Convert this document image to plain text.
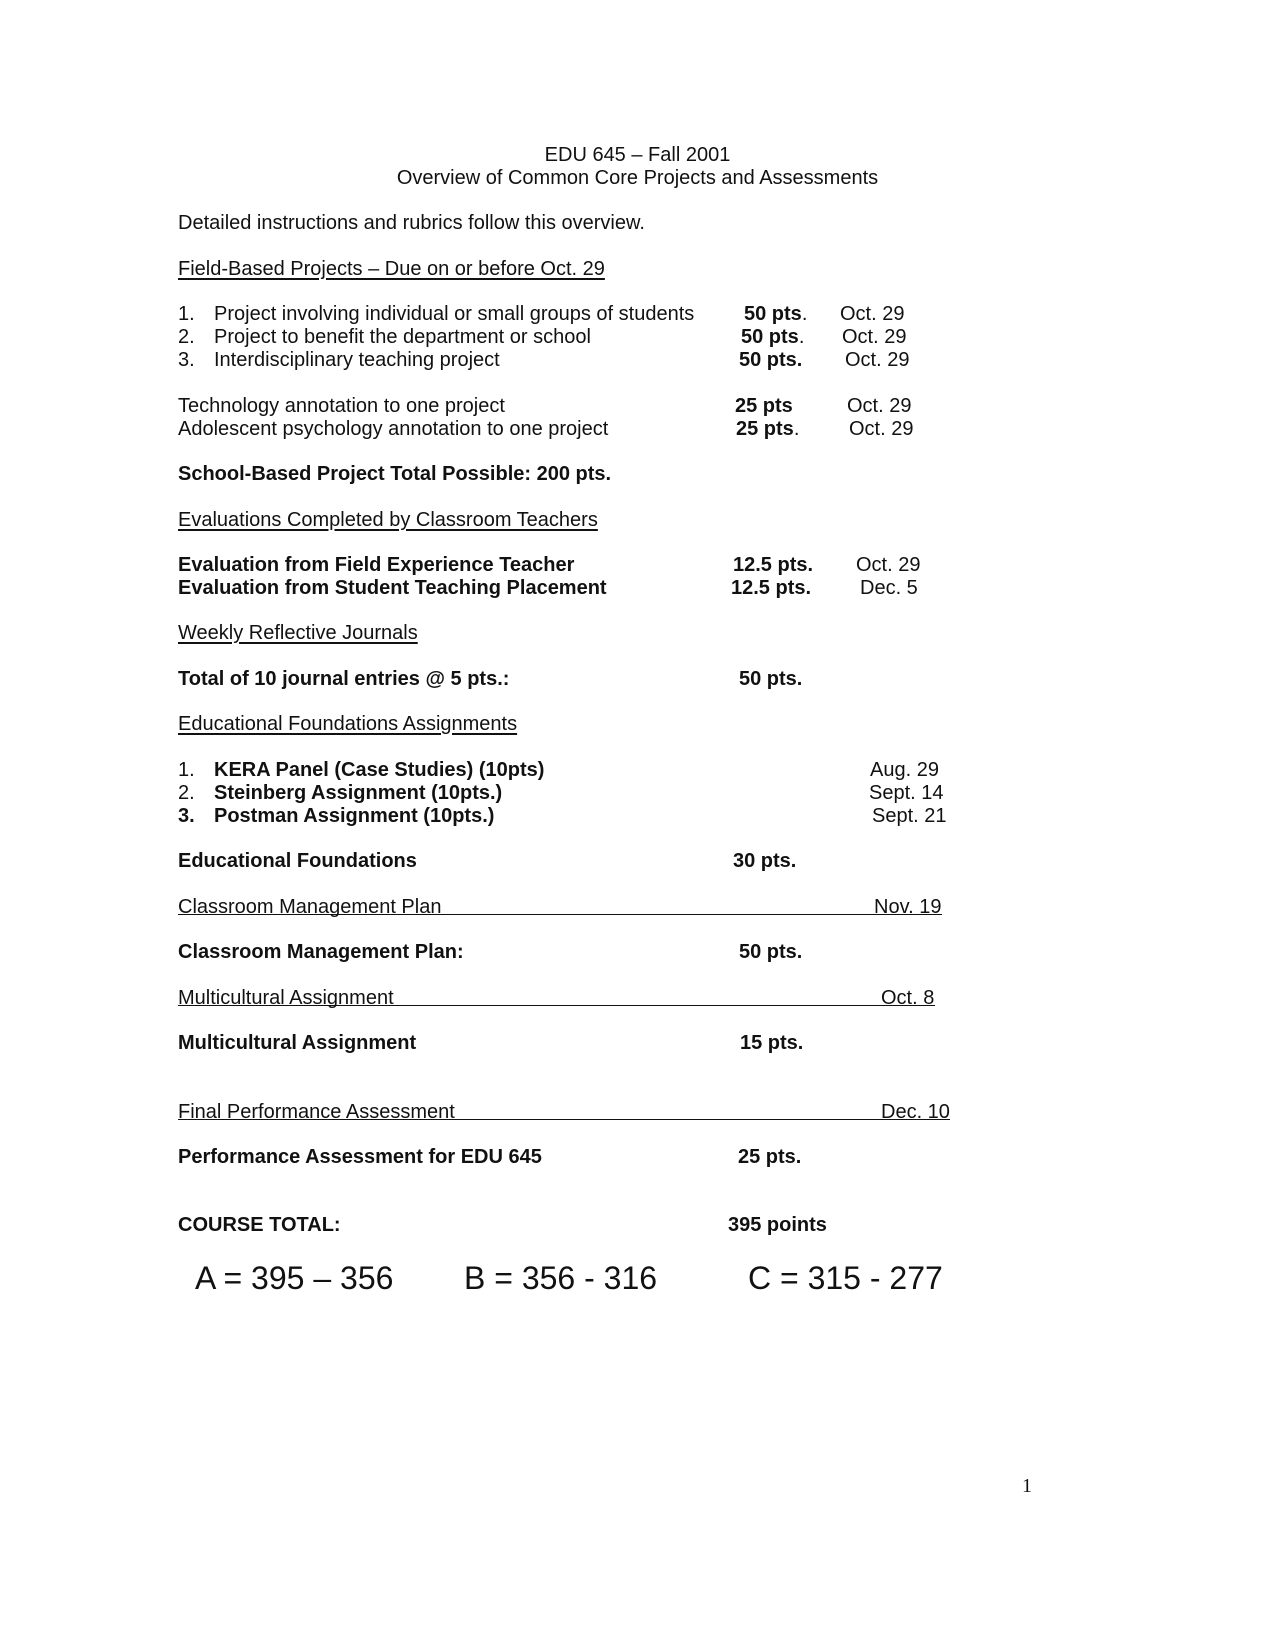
EDU 645 – Fall 2001
Overview of Common Core Projects and Assessments
Detailed instructions and rubrics follow this overview.
Field-Based Projects – Due on or before Oct. 29
1. Project involving individual or small groups of students 50 pts. Oct. 29
2. Project to benefit the department or school	50 pts. Oct. 29
3. Interdisciplinary teaching project	50 pts. Oct. 29
Technology annotation to one project	25 pts	Oct. 29
Adolescent psychology annotation to one project	25 pts. Oct. 29
School-Based Project Total Possible: 200 pts.
Evaluations Completed by Classroom Teachers
Evaluation from Field Experience Teacher	12.5 pts. Oct. 29
Evaluation from Student Teaching Placement	12.5 pts. Dec. 5
Weekly Reflective Journals
Total of 10 journal entries @ 5 pts.:	50 pts.
Educational Foundations Assignments
1. KERA Panel (Case Studies) (10pts)	Aug. 29
2. Steinberg Assignment (10pts.)	Sept. 14
3. Postman Assignment (10pts.)	Sept. 21
Educational Foundations	30 pts.
Classroom Management Plan	Nov. 19
Classroom Management Plan:	50 pts.
Multicultural Assignment	Oct. 8
Multicultural Assignment	15 pts.
Final Performance Assessment	Dec. 10
Performance Assessment for EDU 645	25 pts.
COURSE TOTAL:	395 points
A = 395 – 356 B = 356 - 316	C = 315 - 277
1
